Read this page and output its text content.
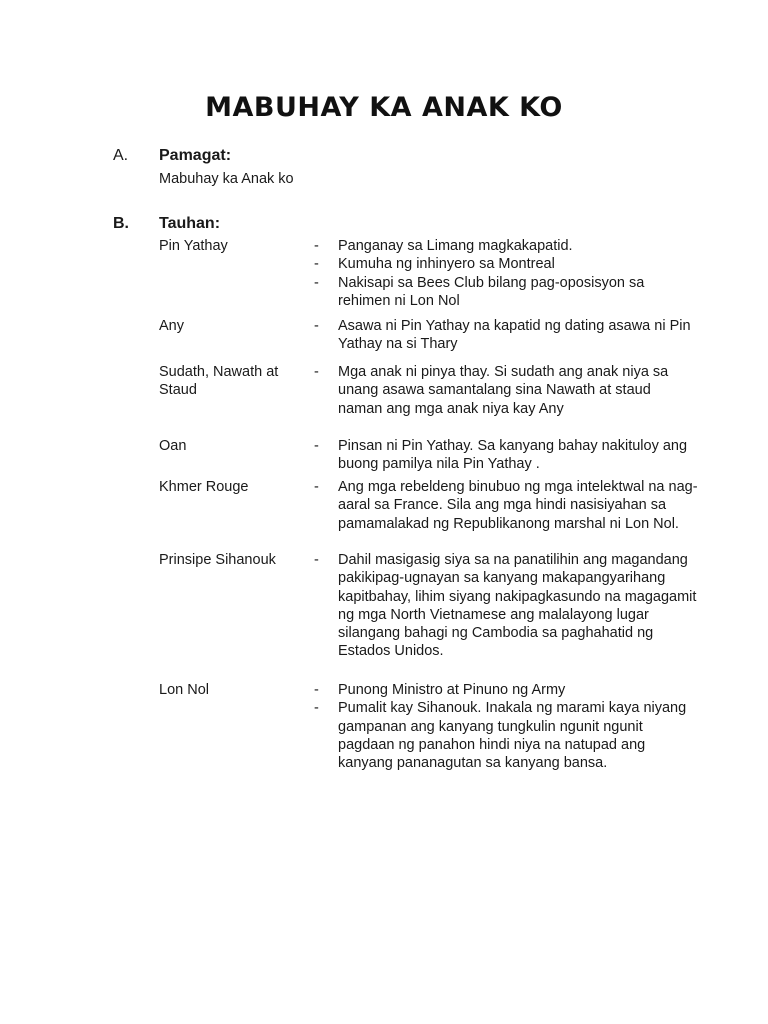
MABUHAY KA ANAK KO
A. Pamagat:
Mabuhay ka Anak ko
B. Tauhan:
Pin Yathay	- Panganay sa Limang magkakapatid.
- Kumuha ng inhinyero sa Montreal
- Nakisapi sa Bees Club bilang pag-oposisyon sa rehimen ni Lon Nol
Any	- Asawa ni Pin Yathay na kapatid ng dating asawa ni Pin Yathay na si Thary
Sudath, Nawath at Staud
- Mga anak ni pinya thay. Si sudath ang anak niya sa unang asawa samantalang sina Nawath at staud naman ang mga anak niya kay Any
Oan	- Pinsan ni Pin Yathay. Sa kanyang bahay nakituloy ang buong pamilya nila Pin Yathay .
Khmer Rouge	- Ang mga rebeldeng binubuo ng mga intelektwal na nag-aaral sa France. Sila ang mga hindi nasisiyahan sa pamamalakad ng Republikanong marshal ni Lon Nol.
Prinsipe Sihanouk	- Dahil masigasig siya sa na panatilihin ang magandang pakikipag-ugnayan sa kanyang makapangyarihang kapitbahay, lihim siyang nakipagkasundo na magagamit ng mga North Vietnamese ang malalayong lugar silangang bahagi ng Cambodia sa paghahatid ng Estados Unidos.
Lon Nol	- Punong Ministro at Pinuno ng Army
- Pumalit kay Sihanouk. Inakala ng marami kaya niyang gampanan ang kanyang tungkulin ngunit ngunit pagdaan ng panahon hindi niya na natupad ang kanyang pananagutan sa kanyang bansa.
